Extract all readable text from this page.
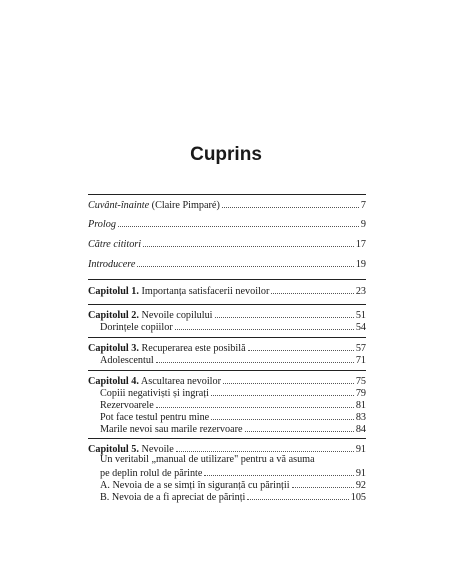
Cuprins
Cuvânt-înainte (Claire Pimparé)	7
Prolog	9
Către cititori	17
Introducere	19
Capitolul 1. Importanța satisfacerii nevoilor	23
Capitolul 2. Nevoile copilului	51
Dorințele copiilor	54
Capitolul 3. Recuperarea este posibilă	57
Adolescentul	71
Capitolul 4. Ascultarea nevoilor	75
Copiii negativiști și ingrați	79
Rezervoarele	81
Pot face testul pentru mine	83
Marile nevoi sau marile rezervoare	84
Capitolul 5. Nevoile	91
Un veritabil „manual de utilizare" pentru a vă asuma
pe deplin rolul de părinte	91
A. Nevoia de a se simți în siguranță cu părinții	92
B. Nevoia de a fi apreciat de părinți	105
